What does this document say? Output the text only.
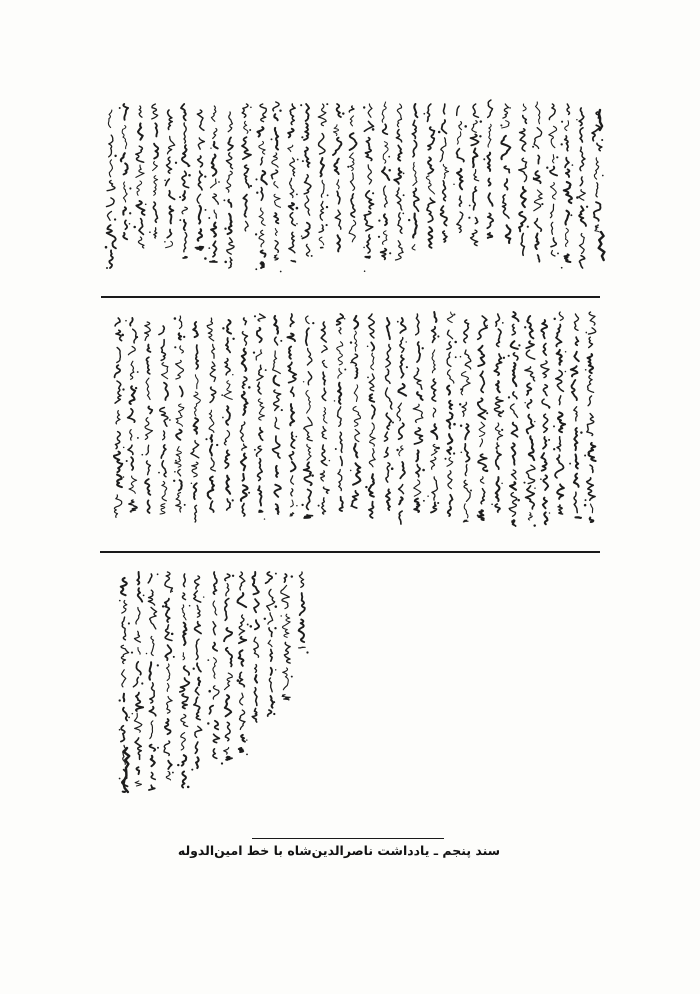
سند پنجم ـ یادداشت ناصرالدین‌شاه با خط امین‌الدوله
